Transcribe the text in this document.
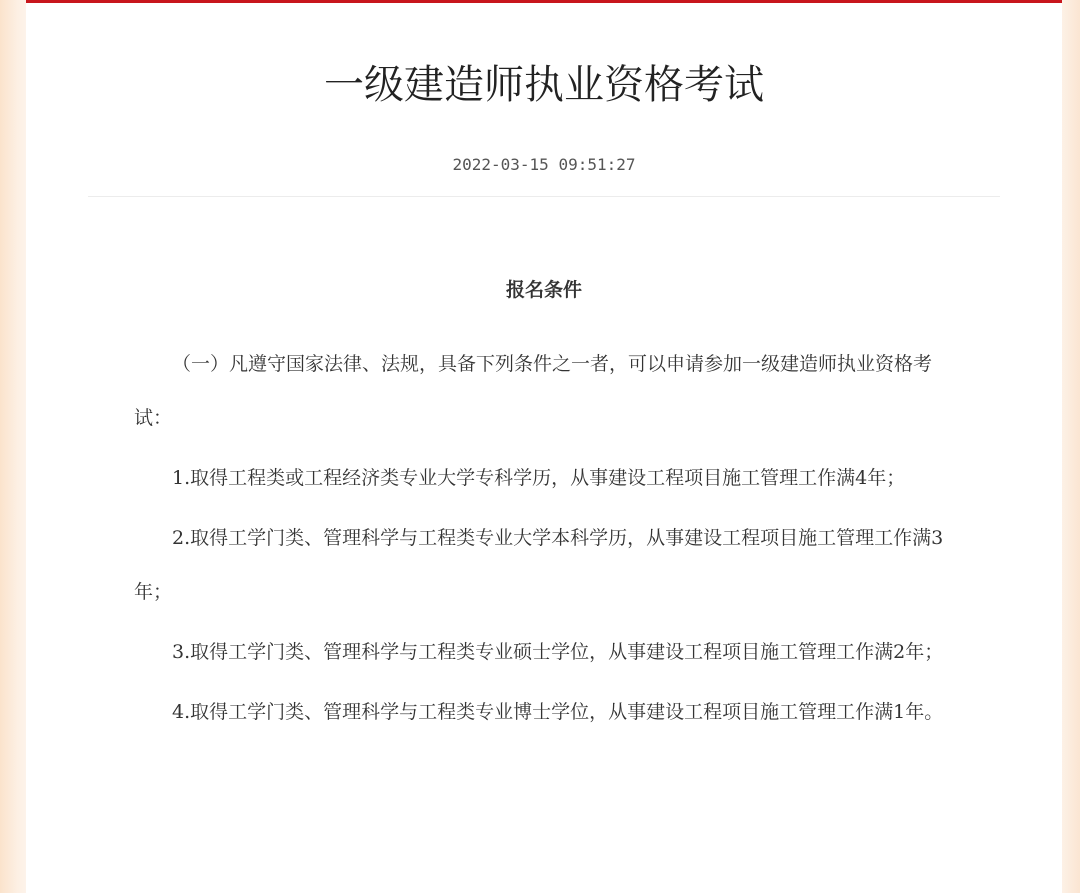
一级建造师执业资格考试
2022-03-15 09:51:27
报名条件

（一）凡遵守国家法律、法规，具备下列条件之一者，可以申请参加一级建造师执业资格考试：

1.取得工程类或工程经济类专业大学专科学历，从事建设工程项目施工管理工作满4年；

2.取得工学门类、管理科学与工程类专业大学本科学历，从事建设工程项目施工管理工作满3年；

3.取得工学门类、管理科学与工程类专业硕士学位，从事建设工程项目施工管理工作满2年；

4.取得工学门类、管理科学与工程类专业博士学位，从事建设工程项目施工管理工作满1年。
